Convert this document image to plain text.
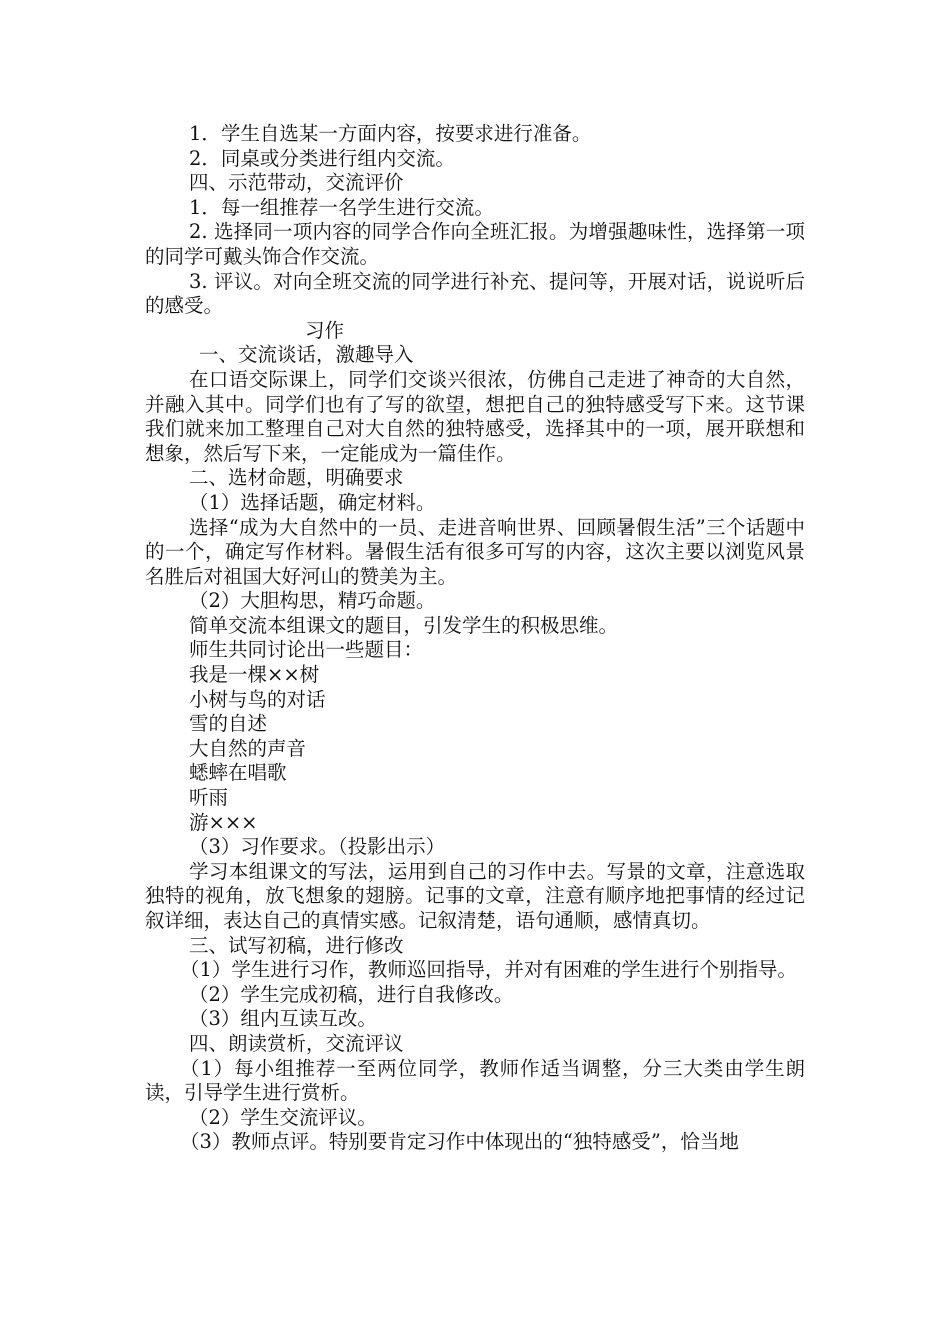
1．学生自选某一方面内容，按要求进行准备。

2．同桌或分类进行组内交流。

四、示范带动，交流评价

1．每一组推荐一名学生进行交流。

2. 选择同一项内容的同学合作向全班汇报。为增强趣味性，选择第一项的同学可戴头饰合作交流。

3. 评议。对向全班交流的同学进行补充、提问等，开展对话，说说听后的感受。

习作

一、交流谈话，激趣导入

在口语交际课上，同学们交谈兴很浓，仿佛自己走进了神奇的大自然，并融入其中。同学们也有了写的欲望，想把自己的独特感受写下来。这节课我们就来加工整理自己对大自然的独特感受，选择其中的一项，展开联想和想象，然后写下来，一定能成为一篇佳作。

二、选材命题，明确要求

（1）选择话题，确定材料。

选择“成为大自然中的一员、走进音响世界、回顾暑假生活”三个话题中的一个，确定写作材料。暑假生活有很多可写的内容，这次主要以浏览风景名胜后对祖国大好河山的赞美为主。

（2）大胆构思，精巧命题。

简单交流本组课文的题目，引发学生的积极思维。

师生共同讨论出一些题目：

我是一棵××树

小树与鸟的对话

雪的自述

大自然的声音

蟋蟀在唱歌

听雨

游×××

（3）习作要求。（投影出示）

学习本组课文的写法，运用到自己的习作中去。写景的文章，注意选取独特的视角，放飞想象的翅膀。记事的文章，注意有顺序地把事情的经过记叙详细，表达自己的真情实感。记叙清楚，语句通顺，感情真切。

三、试写初稿，进行修改

（1）学生进行习作，教师巡回指导，并对有困难的学生进行个别指导。

（2）学生完成初稿，进行自我修改。

（3）组内互读互改。

四、朗读赏析，交流评议

（1）每小组推荐一至两位同学，教师作适当调整，分三大类由学生朗读，引导学生进行赏析。

（2）学生交流评议。

（3）教师点评。特别要肯定习作中体现出的“独特感受”，恰当地
